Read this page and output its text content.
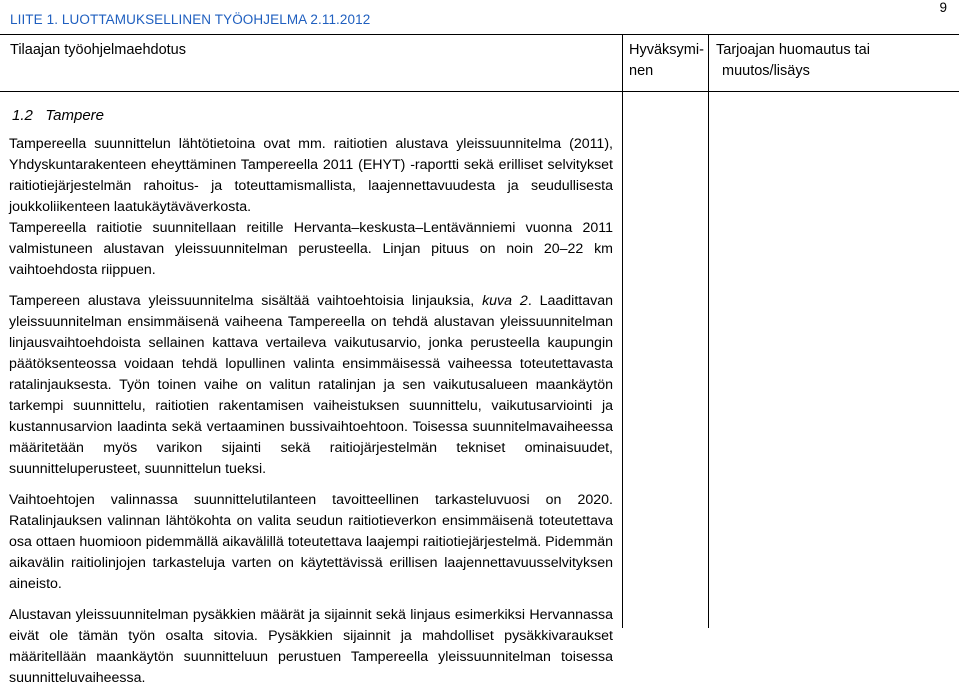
LIITE 1. LUOTTAMUKSELLINEN TYÖOHJELMA 2.11.2012
9
Tilaajan työohjelmaehdotus	Hyväksymi-
nen
Tarjoajan huomautus tai
muutos/lisäys
1.2 Tampere

Tampereella suunnittelun lähtötietoina ovat mm. raitiotien alustava yleissuunnitelma (2011), Yhdyskuntarakenteen eheyttäminen Tampereella 2011 (EHYT) -raportti sekä erilliset selvitykset raitiotiejärjestelmän rahoitus- ja toteuttamismallista, laajennettavuudesta ja seudullisesta joukkoliikenteen laatukäytäväverkosta.

Tampereella raitiotie suunnitellaan reitille Hervanta–keskusta–Lentävänniemi vuonna 2011 valmistuneen alustavan yleissuunnitelman perusteella. Linjan pituus on noin 20–22 km vaihtoehdosta riippuen.

Tampereen alustava yleissuunnitelma sisältää vaihtoehtoisia linjauksia, kuva 2. Laadittavan yleissuunnitelman ensimmäisenä vaiheena Tampereella on tehdä alustavan yleissuunnitelman linjausvaihtoehdoista sellainen kattava vertaileva vaikutusarvio, jonka perusteella kaupungin päätöksenteossa voidaan tehdä lopullinen valinta ensimmäisessä vaiheessa toteutettavasta ratalinjauksesta. Työn toinen vaihe on valitun ratalinjan ja sen vaikutusalueen maankäytön tarkempi suunnittelu, raitiotien rakentamisen vaiheistuksen suunnittelu, vaikutusarviointi ja kustannusarvion laadinta sekä vertaaminen bussivaihtoehtoon. Toisessa suunnitelmavaiheessa määritetään myös varikon sijainti sekä raitiojärjestelmän tekniset ominaisuudet, suunnitteluperusteet, suunnittelun tueksi.

Vaihtoehtojen valinnassa suunnittelutilanteen tavoitteellinen tarkasteluvuosi on 2020. Ratalinjauksen valinnan lähtökohta on valita seudun raitiotieverkon ensimmäisenä toteutettava osa ottaen huomioon pidemmällä aikavälillä toteutettava laajempi raitiotiejärjestelmä. Pidemmän aikavälin raitiolinjojen tarkasteluja varten on käytettävissä erillisen laajennettavuusselvityksen aineisto.

Alustavan yleissuunnitelman pysäkkien määrät ja sijainnit sekä linjaus esimerkiksi Hervannassa eivät ole tämän työn osalta sitovia. Pysäkkien sijainnit ja mahdolliset pysäkkivaraukset määritellään maankäytön suunnitteluun perustuen Tampereella yleissuunnitelman toisessa suunnitteluvaiheessa.
